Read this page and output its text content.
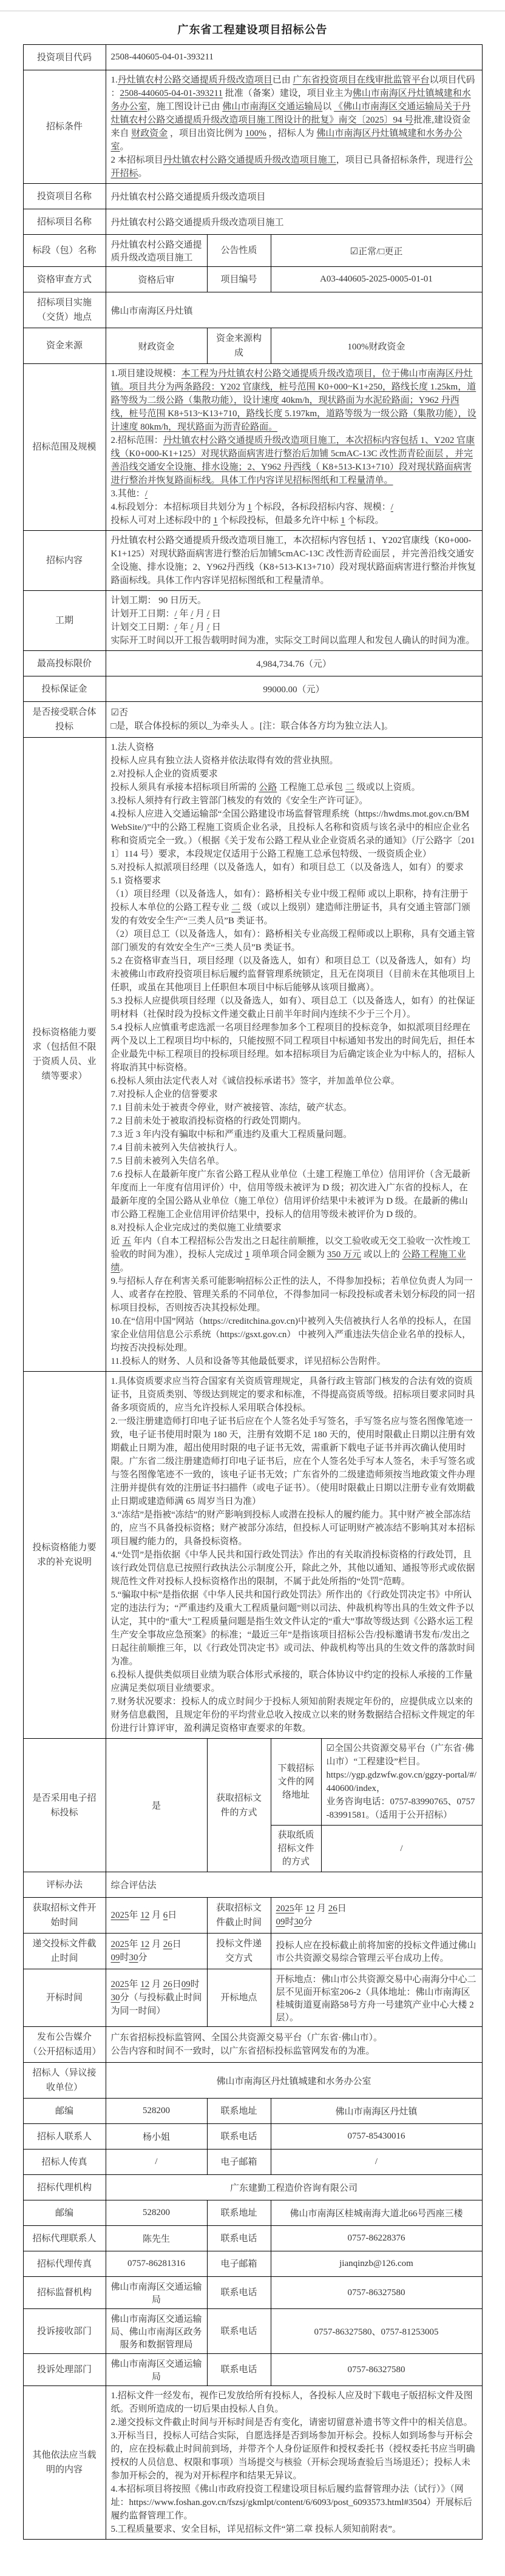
广东省工程建设项目招标公告
投资项目代码	2508-440605-04-01-393211			
招标条件	1.丹灶镇农村公路交通提质升级改造项目已由 广东省投资项目在线审批监管平台以项目代码 ：2508-440605-04-01-393211 批准（备案）建设，项目业主为佛山市南海区丹灶镇城建和水务办公室，施工图设计已由 佛山市南海区交通运输局以 《佛山市南海区交通运输局关于丹灶镇农村公路交通提质升级改造项目施工图设计的批复》南交〔2025〕94 号批准,建设资金来自 财政资金 ，项目出资比例为 100% ，招标人为 佛山市南海区丹灶镇城建和水务办公室。

2 本招标项目丹灶镇农村公路交通提质升级改造项目施工，项目已具备招标条件，现进行公开招标。			

投资项目名称	丹灶镇农村公路交通提质升级改造项目			
招标项目名称	丹灶镇农村公路交通提质升级改造项目施工			
标段（包）名称	丹灶镇农村公路交通提质升级改造项目施工	公告性质	☑正常/□更正	
资格审查方式	资格后审	项目编号	A03-440605-2025-0005-01-01	
招标项目实施（交货）地点	佛山市南海区丹灶镇			
资金来源	财政资金	资金来源构成	100%财政资金	
招标范围及规模	1.项目建设规模：本工程为丹灶镇农村公路交通提质升级改造项目，位于佛山市南海区丹灶镇。项目共分为两条路段：Y202 官康线，桩号范围 K0+000~K1+250，路线长度 1.25km，道路等级为二级公路（集散功能），设计速度 40km/h，现状路面为水泥砼路面；Y962 丹西线，桩号范围 K8+513~K13+710，路线长度 5.197km，道路等级为一级公路（集散功能），设计速度 80km/h，现状路面为沥青砼路面。

2.招标范围：丹灶镇农村公路交通提质升级改造项目施工，本次招标内容包括 1、Y202 官康线（K0+000-K1+125）对现状路面病害进行整治后加铺 5cmAC-13C 改性沥青砼面层 ，并完善沿线交通安全设施、排水设施；2、Y962 丹西线（ K8+513-K13+710）段对现状路面病害进行整治并恢复路面标线。具体工作内容详见招标图纸和工程量清单。

3.其他：/

4.标段划分：本招标项目共划分为 1 个标段，各标段招标内容、规模：/

投标人可对上述标段中的 1 个标段投标，但最多允许中标 1 个标段。			

招标内容	丹灶镇农村公路交通提质升级改造项目施工，本次招标内容包括 1、Y202官康线（K0+000-K1+125）对现状路面病害进行整治后加铺5cmAC-13C 改性沥青砼面层 ，并完善沿线交通安全设施、排水设施；2、Y962丹西线（K8+513-K13+710）段对现状路面病害进行整治并恢复路面标线。具体工作内容详见招标图纸和工程量清单。			

工期	计划工期： 90 日历天。

计划开工日期：/ 年 / 月 / 日

计划交工日期：/ 年 / 月 / 日

实际开工时间以开工报告载明时间为准，实际交工时间以监理人和发包人确认的时间为准。			

最高投标限价	4,984,734.76（元）			
投标保证金	99000.00（元）			
是否接受联合体投标	☑否

□是，联合体投标的须以_为牵头人 。[注：联合体各方均为独立法人]。			

投标资格能力要求（包括但不限于资质人员、业绩等要求）	

1.法人资格

投标人应具有独立法人资格并依法取得有效的营业执照。

2.对投标人企业的资质要求

投标人须具有承接本招标项目所需的 公路 工程施工总承包 二 级或以上资质。

3.投标人须持有行政主管部门核发的有效的《安全生产许可证》。

4.投标人应进入交通运输部“全国公路建设市场监督管理系统（https://hwdms.mot.gov.cn/BMWebSite/)”中的公路工程施工资质企业名录，且投标人名称和资质与该名录中的相应企业名称和资质完全一致。）（根据《关于发布公路工程从业企业资质名录的通知》（厅公路字〔2011〕114 号）要求，本段规定仅适用于公路工程施工总承包特级、一级资质企业）

5.对投标人拟派项目经理（以及备选人，如有）和项目总工（以及备选人，如有）的要求

5.1 资格要求

（1）项目经理（以及备选人，如有）：路桥相关专业中级工程师 或以上职称，持有注册于投标人本单位的公路工程专业 二 级（或以上级别）建造师注册证书，具有交通主管部门颁发的有效安全生产“三类人员”B 类证书。

（2）项目总工（以及备选人，如有）：路桥相关专业高级工程师或以上职称，具有交通主管部门颁发的有效安全生产“三类人员”B 类证书。

5.2 在资格审查当日，项目经理（以及备选人，如有）和项目总工（以及备选人，如有）均未被佛山市政府投资项目标后履约监督管理系统锁定，且无在岗项目（目前未在其他项目上任职，或虽在其他项目上任职但本项目中标后能够从该项目撤离）。

5.3 投标人应提供项目经理（以及备选人，如有）、项目总工（以及备选人，如有）的社保证明材料（社保时段为投标文件递交截止日前半年时间内连续不少于三个月）。

5.4 投标人应慎重考虑选派一名项目经理参加多个工程项目的投标竞争，如拟派项目经理在两个及以上工程项目均中标的，只能按照不同工程项目中标通知书发出的时间先后，担任本企业最先中标工程项目的投标项目经理。如本招标项目为后确定该企业为中标人的，招标人将取消其中标资格。

6.投标人须由法定代表人对《诚信投标承诺书》签字，并加盖单位公章。

7.对投标人企业的信誉要求

7.1 目前未处于被责令停业，财产被接管、冻结，破产状态。

7.2 目前未处于被取消投标资格的行政处罚期内。

7.3 近 3 年内没有骗取中标和严重违约及重大工程质量问题。

7.4 目前未被列入失信被执行人。

7.5 目前未被列入失信名单。

7.6 投标人在最新年度广东省公路工程从业单位（土建工程施工单位）信用评价（含无最新年度而上一年度有信用评价）中，信用等级未被评为 D 级；初次进入广东省的投标人，在最新年度的全国公路从业单位（施工单位）信用评价结果中未被评为 D 级。在最新的佛山市公路工程施工企业信用评价结果中，投标人的信用等级未被评价为 D 级的。

8.对投标人企业完成过的类似施工业绩要求

近 五 年内（自本工程招标公告发出之日起往前顺推，以交工验收或无交工验收一次性竣工验收的时间为准），投标人完成过 1 项单项合同金额为 350 万元 或以上的 公路工程施工业绩。

9.与招标人存在利害关系可能影响招标公正性的法人，不得参加投标；若单位负责人为同一人、或者存在控股、管理关系的不同单位，不得参加同一标段投标或者未划分标段的同一招标项目投标，否则按否决其投标处理。

10.在“信用中国”网站（https://creditchina.gov.cn)中被列入失信被执行人名单的投标人，在国家企业信用信息公示系统（https://gsxt.gov.cn） 中被列入严重违法失信企业名单的投标人，均按否决投标处理。

11.投标人的财务、人员和设备等其他最低要求，详见招标公告附件。

投标资格能力要求的补充说明	

1.具体资质要求应当符合国家有关资质管理规定，具备行政主管部门核发的合法有效的资质证书，且资质类别、等级达到规定的要求和标准，不得提高资质等级。招标项目要求同时具备多项资质的，应当允许投标人采用联合体投标。

2.一级注册建造师打印电子证书后应在个人签名处手写签名，手写签名应与签名图像笔迹一致，电子证书使用时限为 180 天，注册有效期不足 180 天的，使用时限截止日期以注册有效期截止日期为准，超出使用时限的电子证书无效，需重新下载电子证书并再次确认使用时限。广东省二级注册建造师打印电子证书后，应在个人签名处手写本人签名，未手写签名或与签名图像笔迹不一致的，该电子证书无效；广东省外的二级建造师须按当地政策文件办理注册并提供有效的注册证书扫描件（或电子证书）。（使用时限截止日期以注册专业有效期截止日期或建造师满 65 周岁当日为准）

3.“冻结”是指被“冻结”的财产影响到投标人或潜在投标人的履约能力。其中财产被全部冻结的，应当不具备投标资格；财产被部分冻结，但投标人可证明财产被冻结不影响其对本招标项目履约能力的，具备投标资格。

4.“处罚”是指依据《中华人民共和国行政处罚法》作出的有关取消投标资格的行政处罚，且该行政处罚信息已按照行政执法公示制度公开，除此之外，其他以通知、通报等形式或依据规范性文件对投标人投标资格作出的限制，不属于此处所指的“处罚”范畴。

5.“骗取中标”是指依据《中华人民共和国行政处罚法》所作出的《行政处罚决定书》中所认定的违法行为；“严重违约及重大工程质量问题”则以司法、仲裁机构等出具的生效文件予以认定，其中的“重大”工程质量问题是指生效文件认定的“重大”事故等级达到《公路水运工程生产安全事故应急预案》的标准；“最近三年”是指该项目招标公告/投标邀请书发布/发出之日起往前顺推三年，以《行政处罚决定书》或司法、仲裁机构等出具的生效文件的落款时间为准。

6.投标人提供类似项目业绩为联合体形式承接的，联合体协议中约定的投标人承接的工作量应满足类似项目业绩要求。

7.财务状况要求：投标人的成立时间少于投标人须知前附表规定年份的，应提供成立以来的财务信息截图，且规定年份的平均营业总收入按成立以来的财务数据结合招标文件规定的年份进行计算评审，盈利满足资格审查要求的年数。

是否采用电子招标投标	是	获取招标文件的方式	下载招标文件的网络地址	☑全国公共资源交易平台（广东省·佛山市）“工程建设”栏目。

https://ygp.gdzwfw.gov.cn/ggzy-portal/#/440600/index，

业务咨询电话：0757-83990765、0757-83991581。（适用于公开招标）

			获取纸质招标文件的方式	/
评标办法	综合评估法			
获取招标文件开始时间	2025年 12 月 6日	获取招标文件截止时间	2025年 12 月 26日

09时30分	

递交投标文件截止时间	2025年 12 月 26日

09时30分	投标文件递交方式	投标人应在投标截止前将加密的投标文件通过佛山市公共资源交易综合管理云平台成功上传。	
开标时间	2025年 12 月 26日09时30分（与投标截止时间为同一时间）	开标地点	开标地点：佛山市公共资源交易中心南海分中心二层不见面开标室206-2（具体地址：佛山市南海区桂城街道夏南路58号方舟一号建筑产业中心大楼 2 层）。	
发布公告媒介（公开招标适用）	广东省招标投标监管网、全国公共资源交易平台（广东省·佛山市）。

公告内容和时间不一致时，以广东省招标投标监管网发布的为准。			

招标人（异议接收单位）	佛山市南海区丹灶镇城建和水务办公室			
邮编	528200	联系地址	佛山市南海区丹灶镇	
招标人联系人	杨小姐	联系电话	0757-85430016	
招标人传真	/	电子邮箱	/	
招标代理机构	广东建勤工程造价咨询有限公司			
邮编	528200	联系地址	佛山市南海区桂城南海大道北66号西座三楼	
招标代理联系人	陈先生	联系电话	0757-86228376	
招标代理传真	0757-86281316	电子邮箱	jianqinzb@126.com	
招标监督机构	佛山市南海区交通运输局	联系电话	0757-86327580	
投诉接收部门	佛山市南海区交通运输局、佛山市南海区政务服务和数据管理局	联系电话	0757-86327580、0757-81253005	
投诉处理部门	佛山市南海区交通运输局	联系电话	0757-86327580	
其他依法应当载明的内容	1.招标文件一经发布，视作已发放给所有投标人，各投标人应及时下载电子版招标文件及图纸。否则所造成的一切后果由投标人自负。

2.递交投标文件截止时间与开标时间是否有变化，请密切留意补遗书等文件中的相关信息。

3.开标当日，投标人可结合实际，自愿选择是否到场参加开标会。投标人如到场参与开标会的，应在投标截止时间前到场，并带齐个人身份证原件和授权委托书（授权委托书应当明确授权的人员信息、权限和事项）当场提交与核验（开标会现场查验后当场退还）；投标人未参加开标会的，视为对开标程序和结果无异议。

4.本招标项目将按照《佛山市政府投资工程建设项目标后履约监督管理办法（试行）》（网址：https://www.foshan.gov.cn/fszsj/gkmlpt/content/6/6093/post_6093573.html#3504）开展标后履约监督管理工作。

5.工程质量要求、安全目标，详见招标文件“第二章 投标人须知前附表”。			
